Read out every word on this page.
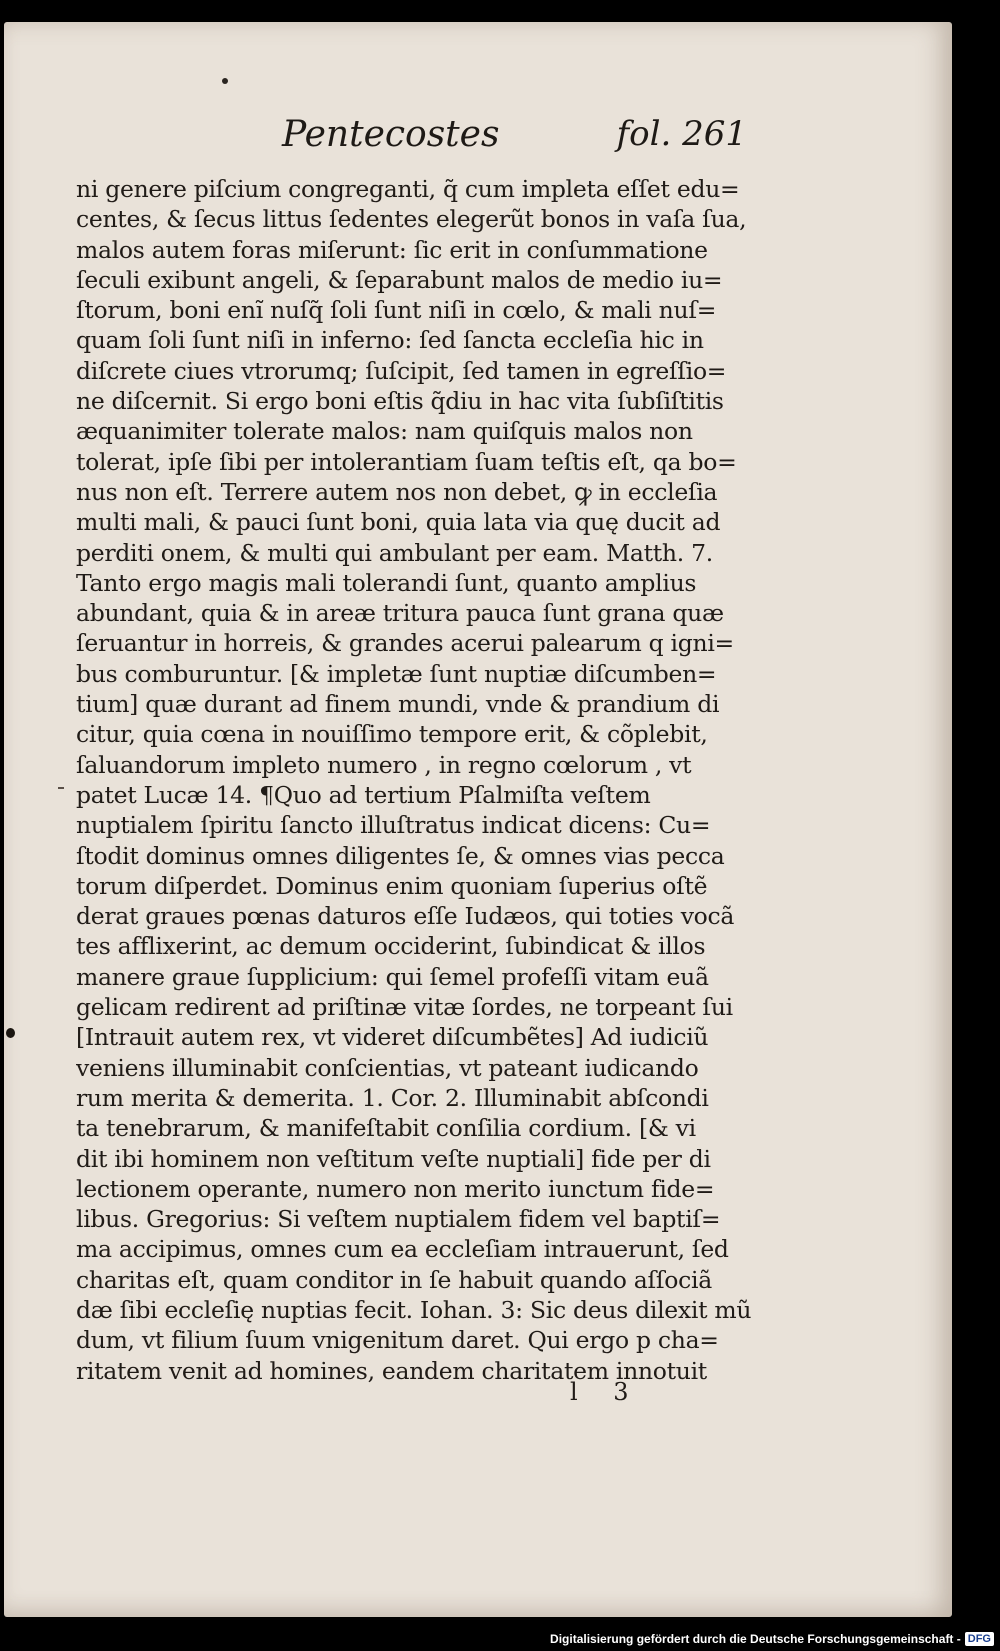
Pentecostes	fol. 261
ni genere piſcium congreganti, q̃ cum impleta eſſet edu=
centes, & ſecus littus ſedentes elegerũt bonos in vaſa ſua,
malos autem foras miſerunt: ſic erit in conſummatione
ſeculi exibunt angeli, & ſeparabunt malos de medio iu=
ſtorum, boni enĩ nuſq̃ ſoli ſunt niſi in cœlo, & mali nuſ=
quam ſoli ſunt niſi in inferno: ſed ſancta eccleſia hic in
diſcrete ciues vtrorumq; ſuſcipit, ſed tamen in egreſſio=
ne diſcernit. Si ergo boni eſtis q̃diu in hac vita ſubſiſtitis
æquanimiter tolerate malos: nam quiſquis malos non
tolerat, ipſe ſibi per intolerantiam ſuam teſtis eſt, qa bo=
nus non eſt. Terrere autem nos non debet, ꝙ in eccleſia
multi mali, & pauci ſunt boni, quia lata via quę ducit ad
perditi onem, & multi qui ambulant per eam. Matth. 7.
Tanto ergo magis mali tolerandi ſunt, quanto amplius
abundant, quia & in areæ tritura pauca ſunt grana quæ
ſeruantur in horreis, & grandes acerui palearum q igni=
bus comburuntur. [& impletæ ſunt nuptiæ diſcumben=
tium] quæ durant ad finem mundi, vnde & prandium di
citur, quia cœna in nouiſſimo tempore erit, & cõplebit,
ſaluandorum impleto numero , in regno cœlorum , vt
patet Lucæ 14. ¶Quo ad tertium Pſalmiſta veſtem
nuptialem ſpiritu ſancto illuſtratus indicat dicens: Cu=
ſtodit dominus omnes diligentes ſe, & omnes vias pecca
torum diſperdet. Dominus enim quoniam ſuperius oſtẽ
derat graues pœnas daturos eſſe Iudæos, qui toties vocã
tes afflixerint, ac demum occiderint, ſubindicat & illos
manere graue ſupplicium: qui ſemel profeſſi vitam euã
gelicam redirent ad priſtinæ vitæ ſordes, ne torpeant ſui
[Intrauit autem rex, vt videret diſcumbẽtes] Ad iudiciũ
veniens illuminabit conſcientias, vt pateant iudicando
rum merita & demerita. 1. Cor. 2. Illuminabit abſcondi
ta tenebrarum, & manifeſtabit conſilia cordium. [& vi
dit ibi hominem non veſtitum veſte nuptiali] fide per di
lectionem operante, numero non merito iunctum fide=
libus. Gregorius: Si veſtem nuptialem fidem vel baptiſ=
ma accipimus, omnes cum ea eccleſiam intrauerunt, ſed
charitas eſt, quam conditor in ſe habuit quando aſſociã
dæ ſibi eccleſię nuptias fecit. Iohan. 3: Sic deus dilexit mũ
dum, vt filium ſuum vnigenitum daret. Qui ergo p cha=
ritatem venit ad homines, eandem charitatem innotuit
l 3
Digitalisierung gefördert durch die Deutsche Forschungsgemeinschaft - DFG
